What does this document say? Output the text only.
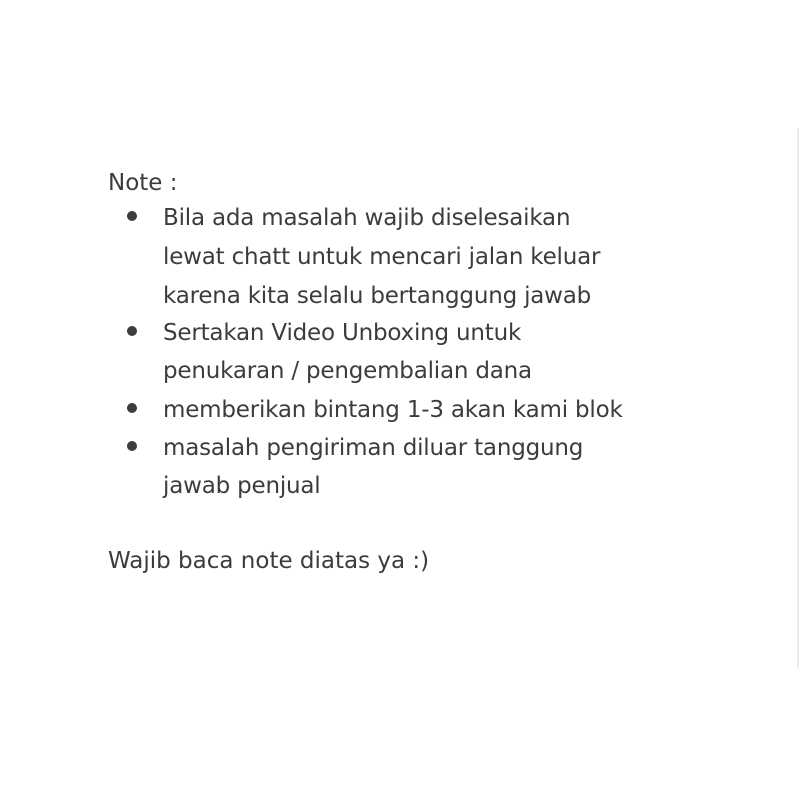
Note :
Bila ada masalah wajib diselesaikan
lewat chatt untuk mencari jalan keluar
karena kita selalu bertanggung jawab
Sertakan Video Unboxing untuk
penukaran / pengembalian dana
memberikan bintang 1-3 akan kami blok
masalah pengiriman diluar tanggung
jawab penjual
Wajib baca note diatas ya :)
